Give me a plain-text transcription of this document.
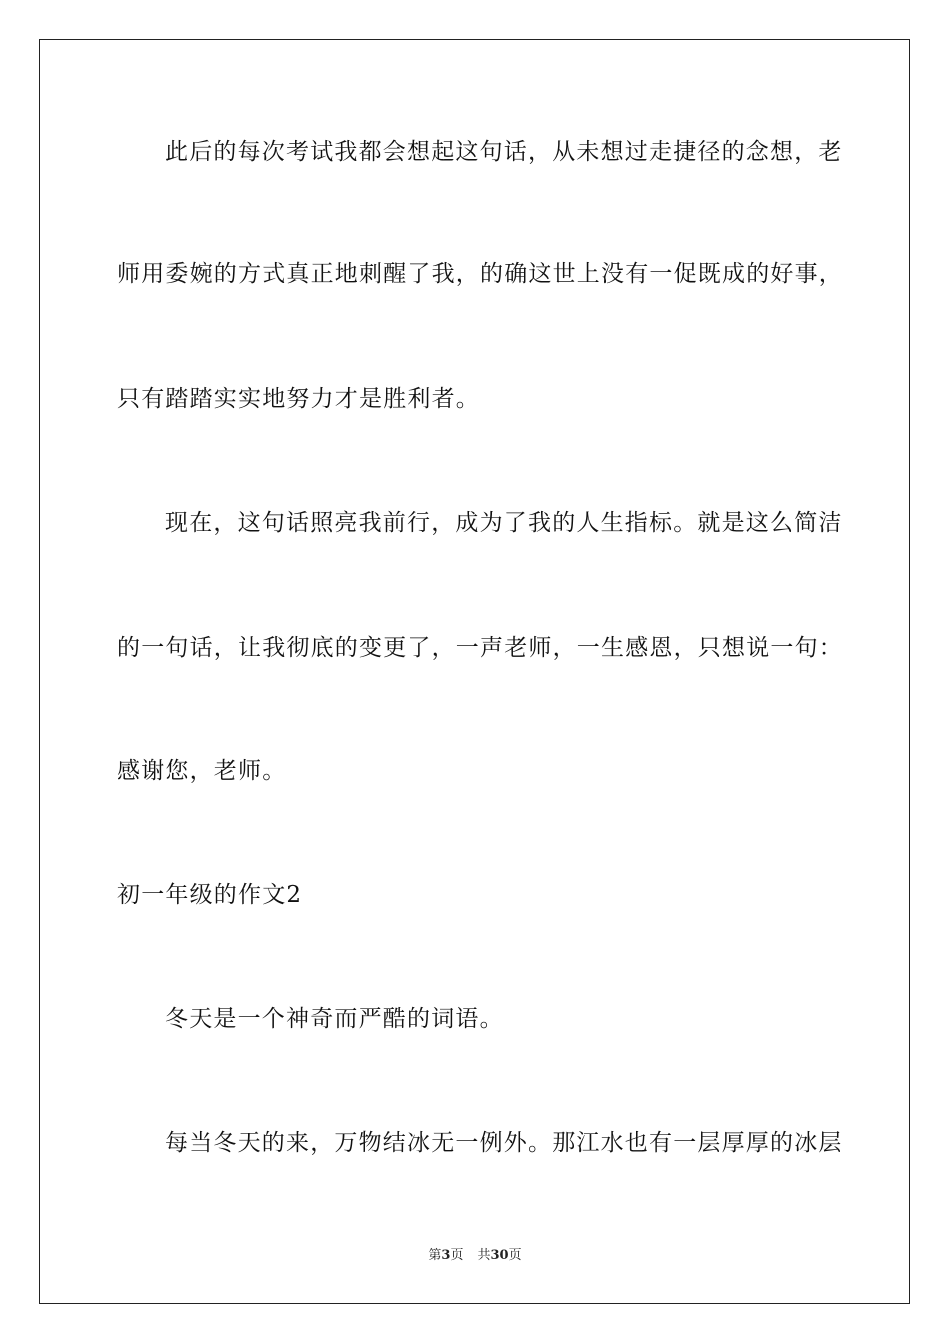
此后的每次考试我都会想起这句话，从未想过走捷径的念想，老
师用委婉的方式真正地刺醒了我，的确这世上没有一促既成的好事，
只有踏踏实实地努力才是胜利者。
现在，这句话照亮我前行，成为了我的人生指标。就是这么简洁
的一句话，让我彻底的变更了，一声老师，一生感恩，只想说一句：
感谢您，老师。
初一年级的作文2
冬天是一个神奇而严酷的词语。
每当冬天的来，万物结冰无一例外。那江水也有一层厚厚的冰层
第3页 共30页
